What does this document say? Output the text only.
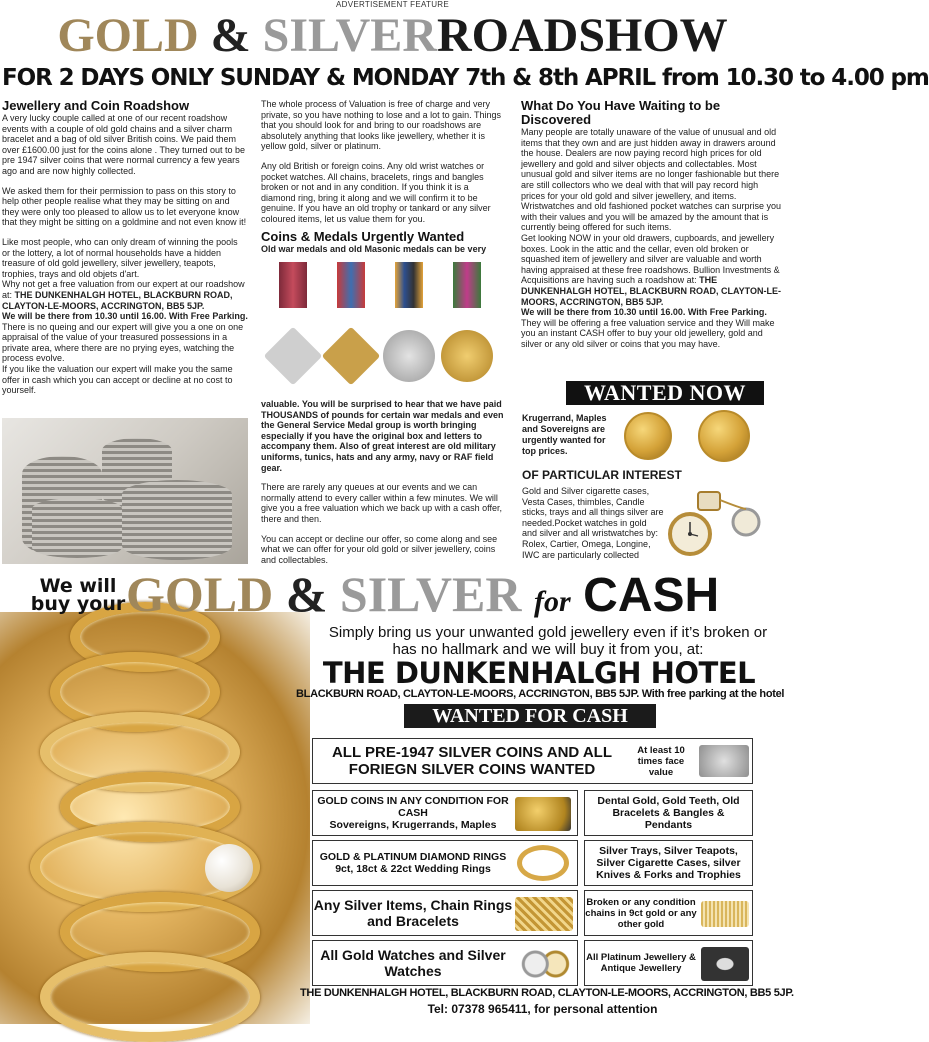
ADVERTISEMENT FEATURE
GOLD & SILVERROADSHOW
FOR 2 DAYS ONLY SUNDAY & MONDAY 7th & 8th APRIL from 10.30 to 4.00 pm
Jewellery and Coin Roadshow

A very lucky couple called at one of our recent roadshow events with a couple of old gold chains and a silver charm bracelet and a bag of old silver British coins. We paid them over £1600.00 just for the coins alone . They turned out to be pre 1947 silver coins that were normal currency a few years ago and are now highly collected.

We asked them for their permission to pass on this story to help other people realise what they may be sitting on and they were only too pleased to allow us to let everyone know that they might be sitting on a goldmine and not even know it!

Like most people, who can only dream of winning the pools or the lottery, a lot of normal households have a hidden treasure of old gold jewellery, silver jewellery, teapots, trophies, trays and old objets d'art.
Why not get a free valuation from our expert at our roadshow at: THE DUNKENHALGH HOTEL, BLACKBURN ROAD, CLAYTON-LE-MOORS, ACCRINGTON, BB5 5JP.
We will be there from 10.30 until 16.00. With Free Parking.
There is no queing and our expert will give you a one on one appraisal of the value of your treasured possessions in a private area, where there are no prying eyes, watching the process evolve.
If you like the valuation our expert will make you the same offer in cash which you can accept or decline at no cost to yourself.

The whole process of Valuation is free of charge and very private, so you have nothing to lose and a lot to gain. Things that you should look for and bring to our roadshows are absolutely anything that looks like jewellery, whether it is yellow gold, silver or platinum.

Any old British or foreign coins. Any old wrist watches or pocket watches. All chains, bracelets, rings and bangles broken or not and in any condition. If you think it is a diamond ring, bring it along and we will confirm it to be genuine. If you have an old trophy or tankard or any silver coloured items, let us value them for you.

Coins & Medals Urgently Wanted
Old war medals and old Masonic medals can be very

valuable. You will be surprised to hear that we have paid THOUSANDS of pounds for certain war medals and even the General Service Medal group is worth bringing especially if you have the original box and letters to accompany them. Also of great interest are old military uniforms, tunics, hats and any army, navy or RAF field gear.

There are rarely any queues at our events and we can normally attend to every caller within a few minutes. We will give you a free valuation which we back up with a cash offer, there and then.

You can accept or decline our offer, so come along and see what we can offer for your old gold or silver jewellery, coins and collectables.

What Do You Have Waiting to be Discovered

Many people are totally unaware of the value of unusual and old items that they own and are just hidden away in drawers around the house. Dealers are now paying record high prices for old jewellery and gold and silver objects and collectables. Most unusual gold and silver items are no longer fashionable but there are still collectors who we deal with that will pay record high prices for your old gold and silver jewellery, and items. Wristwatches and old fashioned pocket watches can surprise you with their values and you will be amazed by the amount that is currently being offered for such items.

Get looking NOW in your old drawers, cupboards, and jewellery boxes. Look in the attic and the cellar, even old broken or squashed item of jewellery and silver are valuable and worth having appraised at these free roadshows. Bullion Investments & Acquisitions are having such a roadshow at: THE DUNKENHALGH HOTEL, BLACKBURN ROAD, CLAYTON-LE-MOORS, ACCRINGTON, BB5 5JP.
We will be there from 10.30 until 16.00. With Free Parking.
They will be offering a free valuation service and they Will make you an instant CASH offer to buy your old jewellery, gold and silver or any old silver or coins that you may have.

WANTED NOW
Krugerrand, Maples and Sovereigns are urgently wanted for top prices.
OF PARTICULAR INTEREST
Gold and Silver cigarette cases, Vesta Cases, thimbles, Candle sticks, trays and all things silver are needed.Pocket watches in gold and silver and all wristwatches by: Rolex, Cartier, Omega, Longine, IWC are particularly collected
We will
buy your GOLD & SILVER for CASH
Simply bring us your unwanted gold jewellery even if it’s broken or has no hallmark and we will buy it from you, at:
THE DUNKENHALGH HOTEL
BLACKBURN ROAD, CLAYTON-LE-MOORS, ACCRINGTON, BB5 5JP. With free parking at the hotel
WANTED FOR CASH
ALL PRE-1947 SILVER COINS AND ALL FORIEGN SILVER COINS WANTED
At least 10 times face value
GOLD COINS IN ANY CONDITION FOR CASH
Sovereigns, Krugerrands, Maples
Dental Gold, Gold Teeth, Old Bracelets & Bangles & Pendants
GOLD & PLATINUM DIAMOND RINGS
9ct, 18ct & 22ct Wedding Rings
Silver Trays, Silver Teapots, Silver Cigarette Cases, silver Knives & Forks and Trophies
Any Silver Items, Chain Rings and Bracelets
Broken or any condition chains in 9ct gold or any other gold
All Gold Watches and Silver Watches
All Platinum Jewellery & Antique Jewellery
THE DUNKENHALGH HOTEL, BLACKBURN ROAD, CLAYTON-LE-MOORS, ACCRINGTON, BB5 5JP.
Tel: 07378 965411, for personal attention
